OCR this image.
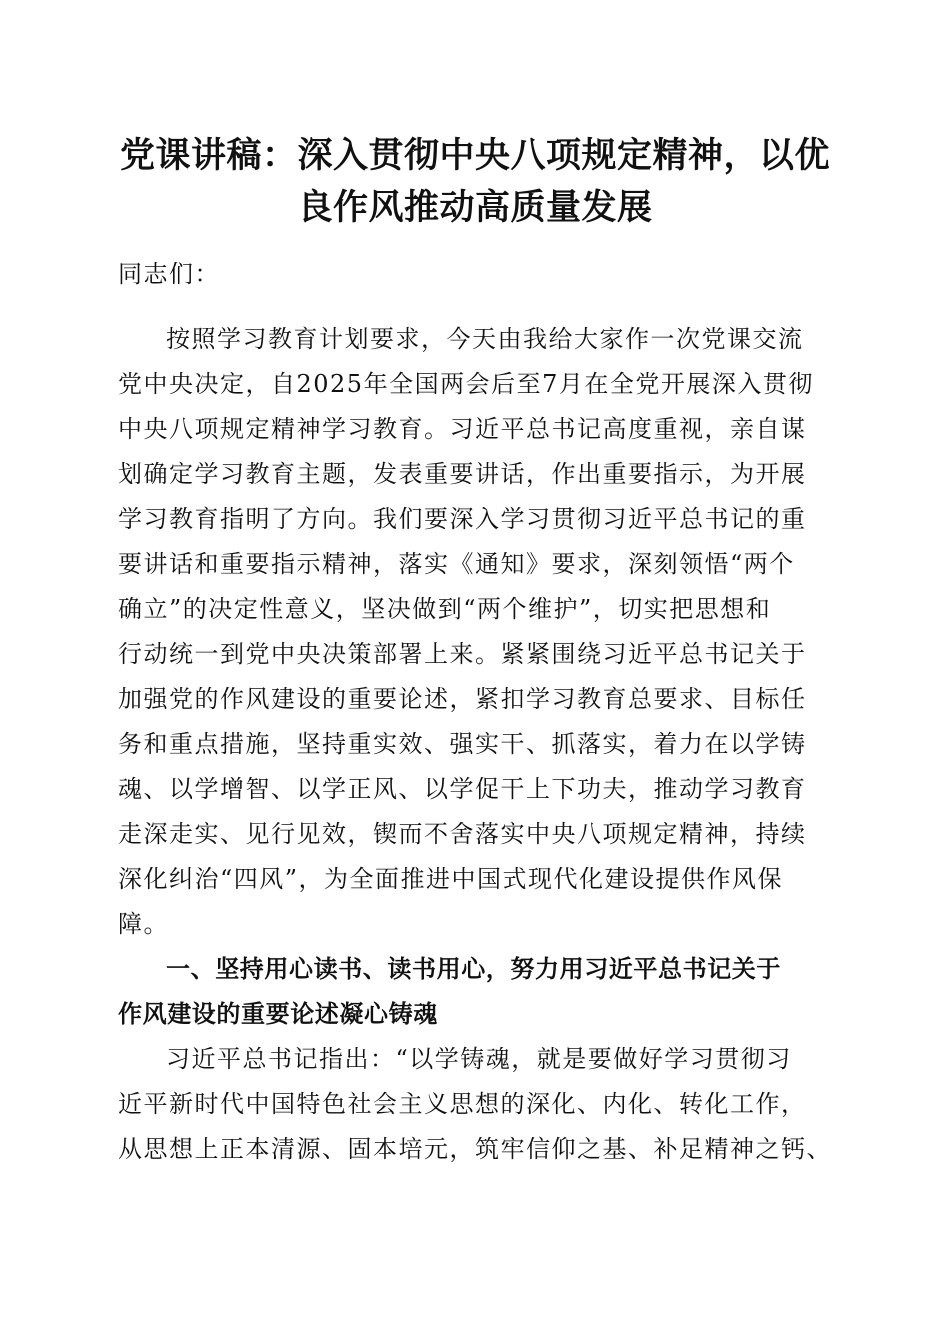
党课讲稿：深入贯彻中央八项规定精神，以优
良作风推动高质量发展
同志们：
按照学习教育计划要求，今天由我给大家作一次党课交流
党中央决定，自2025年全国两会后至7月在全党开展深入贯彻
中央八项规定精神学习教育。习近平总书记高度重视，亲自谋
划确定学习教育主题，发表重要讲话，作出重要指示，为开展
学习教育指明了方向。我们要深入学习贯彻习近平总书记的重
要讲话和重要指示精神，落实《通知》要求，深刻领悟“两个
确立”的决定性意义，坚决做到“两个维护”，切实把思想和
行动统一到党中央决策部署上来。紧紧围绕习近平总书记关于
加强党的作风建设的重要论述，紧扣学习教育总要求、目标任
务和重点措施，坚持重实效、强实干、抓落实，着力在以学铸
魂、以学增智、以学正风、以学促干上下功夫，推动学习教育
走深走实、见行见效，锲而不舍落实中央八项规定精神，持续
深化纠治“四风”，为全面推进中国式现代化建设提供作风保
障。
一、坚持用心读书、读书用心，努力用习近平总书记关于
作风建设的重要论述凝心铸魂
习近平总书记指出：“以学铸魂，就是要做好学习贯彻习
近平新时代中国特色社会主义思想的深化、内化、转化工作，
从思想上正本清源、固本培元，筑牢信仰之基、补足精神之钙、
